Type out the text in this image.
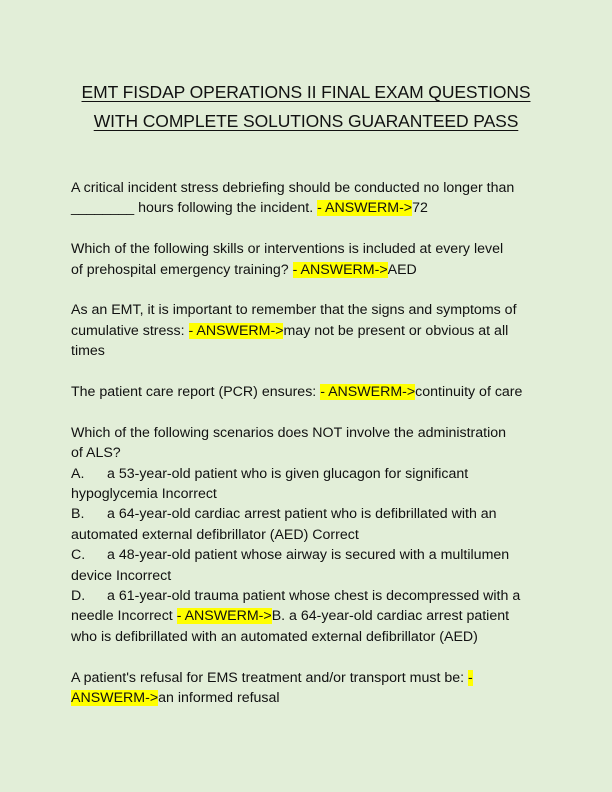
EMT FISDAP OPERATIONS II FINAL EXAM QUESTIONS
WITH COMPLETE SOLUTIONS GUARANTEED PASS
A critical incident stress debriefing should be conducted no longer than
________ hours following the incident. - ANSWERM->72
Which of the following skills or interventions is included at every level
of prehospital emergency training? - ANSWERM->AED
As an EMT, it is important to remember that the signs and symptoms of
cumulative stress: - ANSWERM->may not be present or obvious at all
times
The patient care report (PCR) ensures: - ANSWERM->continuity of care
Which of the following scenarios does NOT involve the administration
of ALS?
A. a 53-year-old patient who is given glucagon for significant
hypoglycemia Incorrect
B. a 64-year-old cardiac arrest patient who is defibrillated with an
automated external defibrillator (AED) Correct
C. a 48-year-old patient whose airway is secured with a multilumen
device Incorrect
D. a 61-year-old trauma patient whose chest is decompressed with a
needle Incorrect - ANSWERM->B. a 64-year-old cardiac arrest patient
who is defibrillated with an automated external defibrillator (AED)
A patient's refusal for EMS treatment and/or transport must be: -
ANSWERM->an informed refusal
